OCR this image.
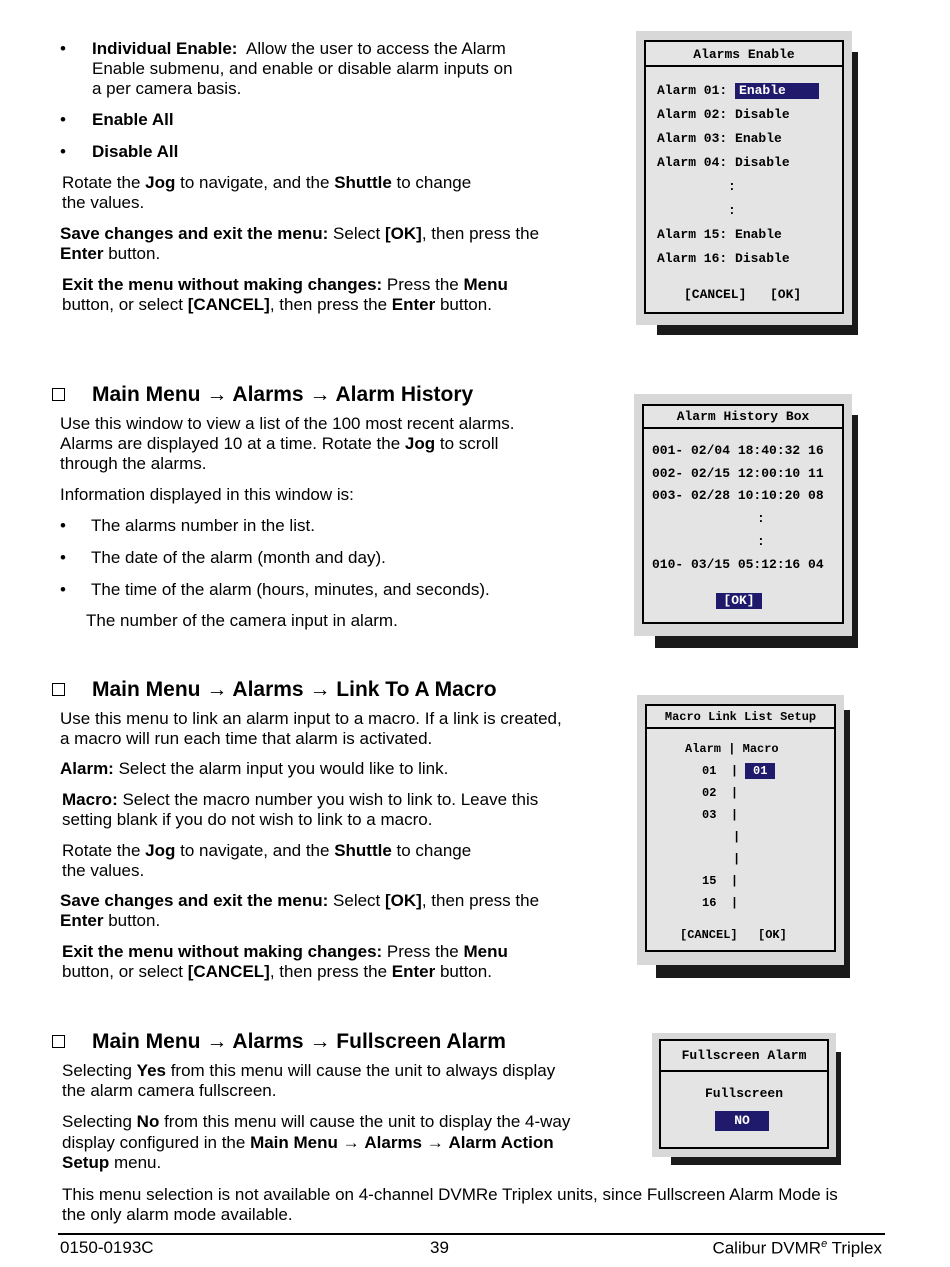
• Individual Enable: Allow the user to access the Alarm
Enable submenu, and enable or disable alarm inputs on
a per camera basis.
• Enable All
• Disable All
Rotate the Jog to navigate, and the Shuttle to change
the values.
Save changes and exit the menu: Select [OK], then press the
Enter button.
Exit the menu without making changes: Press the Menu
button, or select [CANCEL], then press the Enter button.
Alarms Enable
Alarm 01: Enable
Alarm 02: Disable
Alarm 03: Enable
Alarm 04: Disable
:
:
Alarm 15: Enable
Alarm 16: Disable
[CANCEL] [OK]
Main Menu → Alarms → Alarm History
Use this window to view a list of the 100 most recent alarms.
Alarms are displayed 10 at a time. Rotate the Jog to scroll
through the alarms.
Information displayed in this window is:
• The alarms number in the list.
• The date of the alarm (month and day).
• The time of the alarm (hours, minutes, and seconds).
The number of the camera input in alarm.
Alarm History Box
001- 02/04 18:40:32 16
002- 02/15 12:00:10 11
003- 02/28 10:10:20 08
:
:
010- 03/15 05:12:16 04
[OK]
Main Menu → Alarms → Link To A Macro
Use this menu to link an alarm input to a macro. If a link is created,
a macro will run each time that alarm is activated.
Alarm: Select the alarm input you would like to link.
Macro: Select the macro number you wish to link to. Leave this
setting blank if you do not wish to link to a macro.
Rotate the Jog to navigate, and the Shuttle to change
the values.
Save changes and exit the menu: Select [OK], then press the
Enter button.
Exit the menu without making changes: Press the Menu
button, or select [CANCEL], then press the Enter button.
Macro Link List Setup
Alarm | Macro
01 | 01
02 |
03 |
|
|
15 |
16 |
[CANCEL] [OK]
Main Menu → Alarms → Fullscreen Alarm
Selecting Yes from this menu will cause the unit to always display
the alarm camera fullscreen.
Selecting No from this menu will cause the unit to display the 4-way
display configured in the Main Menu → Alarms → Alarm Action
Setup menu.
This menu selection is not available on 4-channel DVMRe Triplex units, since Fullscreen Alarm Mode is
the only alarm mode available.
Fullscreen Alarm
Fullscreen
NO
0150-0193C	39	Calibur DVMR$^e$ Triplex
